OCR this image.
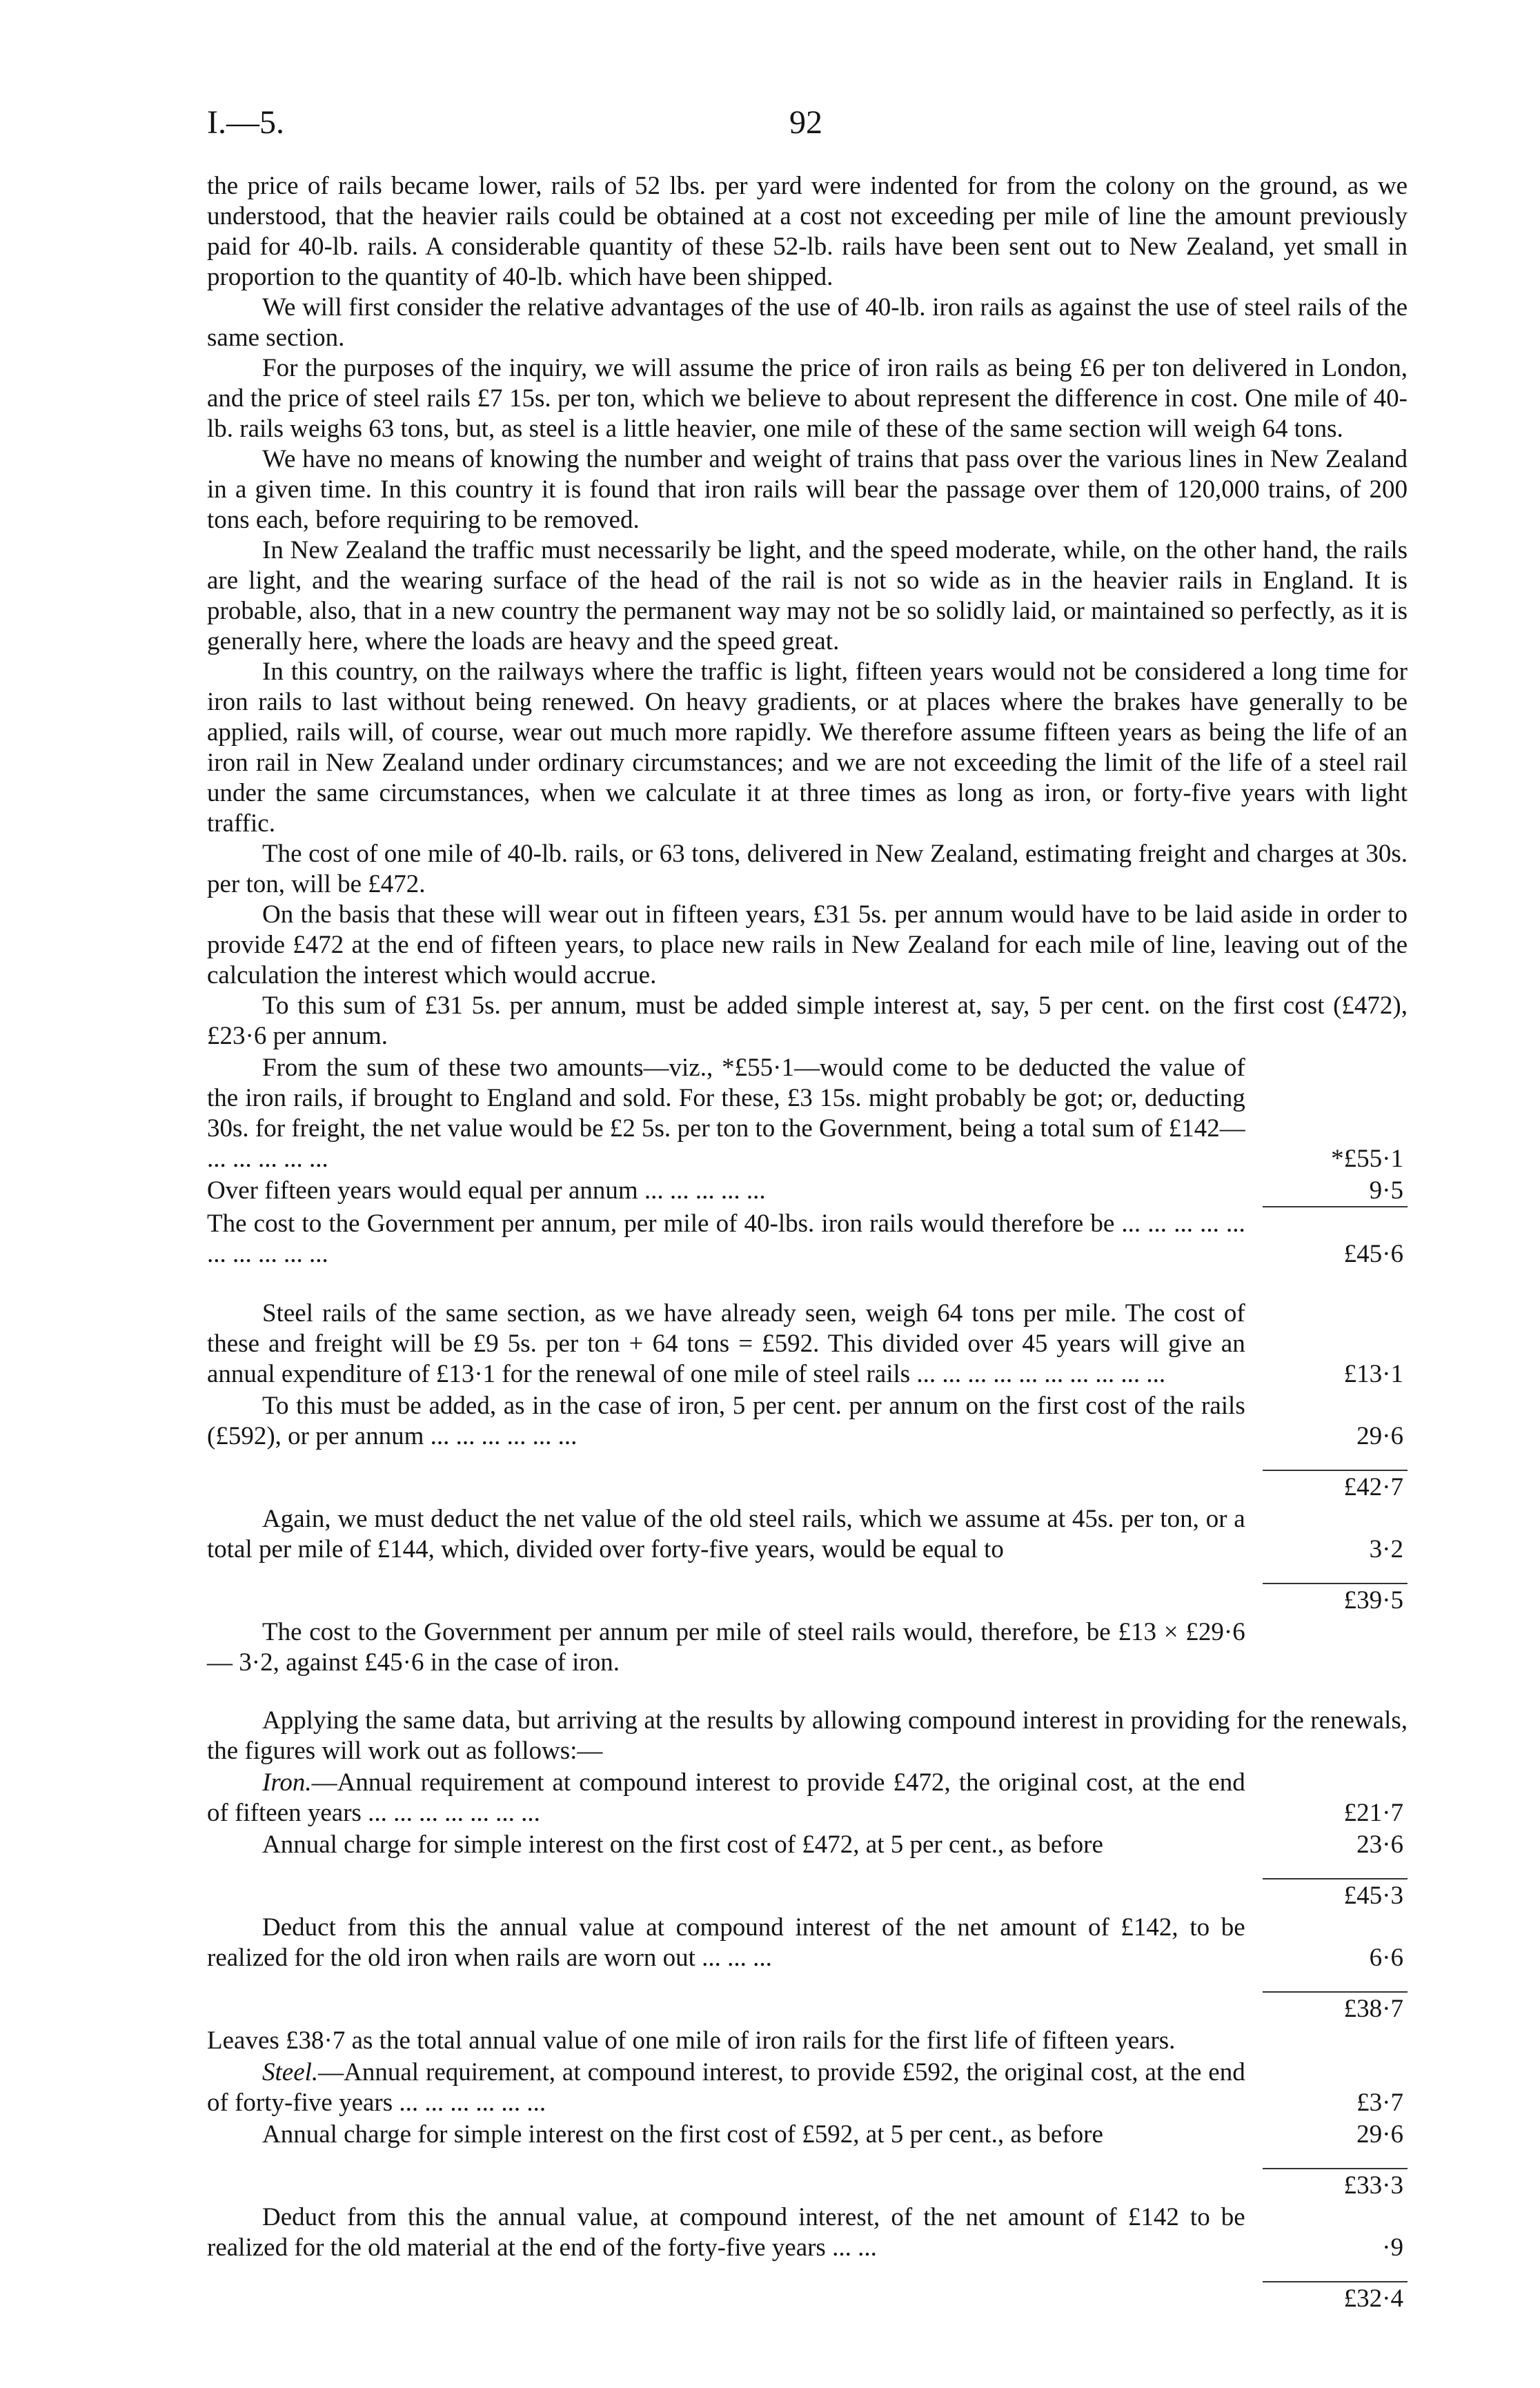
I.—5.	92

the price of rails became lower, rails of 52 lbs. per yard were indented for from the colony on the ground, as we understood, that the heavier rails could be obtained at a cost not exceeding per mile of line the amount previously paid for 40-lb. rails. A considerable quantity of these 52-lb. rails have been sent out to New Zealand, yet small in proportion to the quantity of 40-lb. which have been shipped.

We will first consider the relative advantages of the use of 40-lb. iron rails as against the use of steel rails of the same section.

For the purposes of the inquiry, we will assume the price of iron rails as being £6 per ton delivered in London, and the price of steel rails £7 15s. per ton, which we believe to about represent the difference in cost. One mile of 40-lb. rails weighs 63 tons, but, as steel is a little heavier, one mile of these of the same section will weigh 64 tons.

We have no means of knowing the number and weight of trains that pass over the various lines in New Zealand in a given time. In this country it is found that iron rails will bear the passage over them of 120,000 trains, of 200 tons each, before requiring to be removed.

In New Zealand the traffic must necessarily be light, and the speed moderate, while, on the other hand, the rails are light, and the wearing surface of the head of the rail is not so wide as in the heavier rails in England. It is probable, also, that in a new country the permanent way may not be so solidly laid, or maintained so perfectly, as it is generally here, where the loads are heavy and the speed great.

In this country, on the railways where the traffic is light, fifteen years would not be considered a long time for iron rails to last without being renewed. On heavy gradients, or at places where the brakes have generally to be applied, rails will, of course, wear out much more rapidly. We therefore assume fifteen years as being the life of an iron rail in New Zealand under ordinary circumstances; and we are not exceeding the limit of the life of a steel rail under the same circumstances, when we calculate it at three times as long as iron, or forty-five years with light traffic.

The cost of one mile of 40-lb. rails, or 63 tons, delivered in New Zealand, estimating freight and charges at 30s. per ton, will be £472.

On the basis that these will wear out in fifteen years, £31 5s. per annum would have to be laid aside in order to provide £472 at the end of fifteen years, to place new rails in New Zealand for each mile of line, leaving out of the calculation the interest which would accrue.

To this sum of £31 5s. per annum, must be added simple interest at, say, 5 per cent. on the first cost (£472), £23·6 per annum.

From the sum of these two amounts—viz., *£55·1—would come to be deducted the value of the iron rails, if brought to England and sold. For these, £3 15s. might probably be got; or, deducting 30s. for freight, the net value would be £2 5s. per ton to the Government, being a total sum of £142— ... ... ... ... ...	*£55·1

Over fifteen years would equal per annum ... ... ... ... ...	9·5

The cost to the Government per annum, per mile of 40-lbs. iron rails would therefore be ... ... ... ... ... ... ... ... ... ...	£45·6

Steel rails of the same section, as we have already seen, weigh 64 tons per mile. The cost of these and freight will be £9 5s. per ton + 64 tons = £592. This divided over 45 years will give an annual expenditure of £13·1 for the renewal of one mile of steel rails ... ... ... ... ... ... ... ... ... ...	£13·1

To this must be added, as in the case of iron, 5 per cent. per annum on the first cost of the rails (£592), or per annum ... ... ... ... ... ...	29·6

£42·7

Again, we must deduct the net value of the old steel rails, which we assume at 45s. per ton, or a total per mile of £144, which, divided over forty-five years, would be equal to	3·2

£39·5

The cost to the Government per annum per mile of steel rails would, therefore, be £13 × £29·6 — 3·2, against £45·6 in the case of iron.

Applying the same data, but arriving at the results by allowing compound interest in providing for the renewals, the figures will work out as follows:—

Iron.—Annual requirement at compound interest to provide £472, the original cost, at the end of fifteen years ... ... ... ... ... ... ...	£21·7

Annual charge for simple interest on the first cost of £472, at 5 per cent., as before	23·6

£45·3

Deduct from this the annual value at compound interest of the net amount of £142, to be realized for the old iron when rails are worn out ... ... ...	6·6

£38·7

Leaves £38·7 as the total annual value of one mile of iron rails for the first life of fifteen years.

Steel.—Annual requirement, at compound interest, to provide £592, the original cost, at the end of forty-five years ... ... ... ... ... ...	£3·7

Annual charge for simple interest on the first cost of £592, at 5 per cent., as before	29·6

£33·3

Deduct from this the annual value, at compound interest, of the net amount of £142 to be realized for the old material at the end of the forty-five years ... ...	·9

£32·4
